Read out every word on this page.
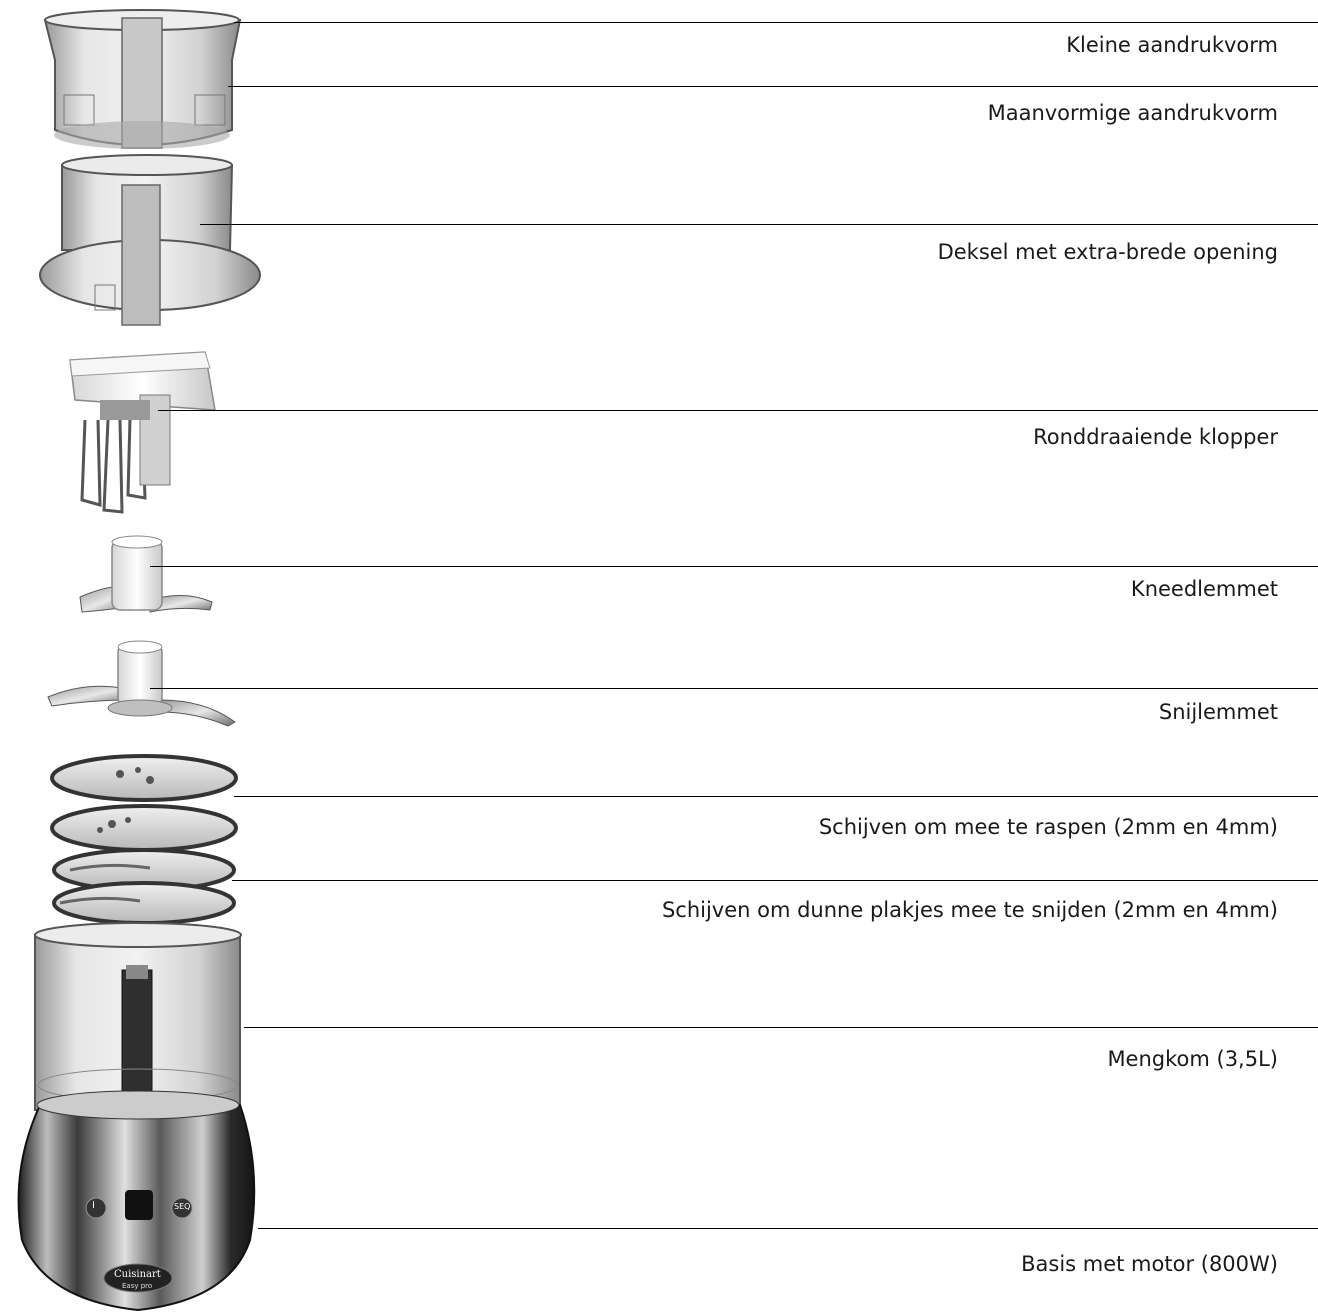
I	SEQ
Cuisinart
Easy pro
Kleine aandrukvorm
Maanvormige aandrukvorm
Deksel met extra-brede opening
Ronddraaiende klopper
Kneedlemmet
Snijlemmet
Schijven om mee te raspen (2mm en 4mm)
Schijven om dunne plakjes mee te snijden (2mm en 4mm)
Mengkom (3,5L)
Basis met motor (800W)
